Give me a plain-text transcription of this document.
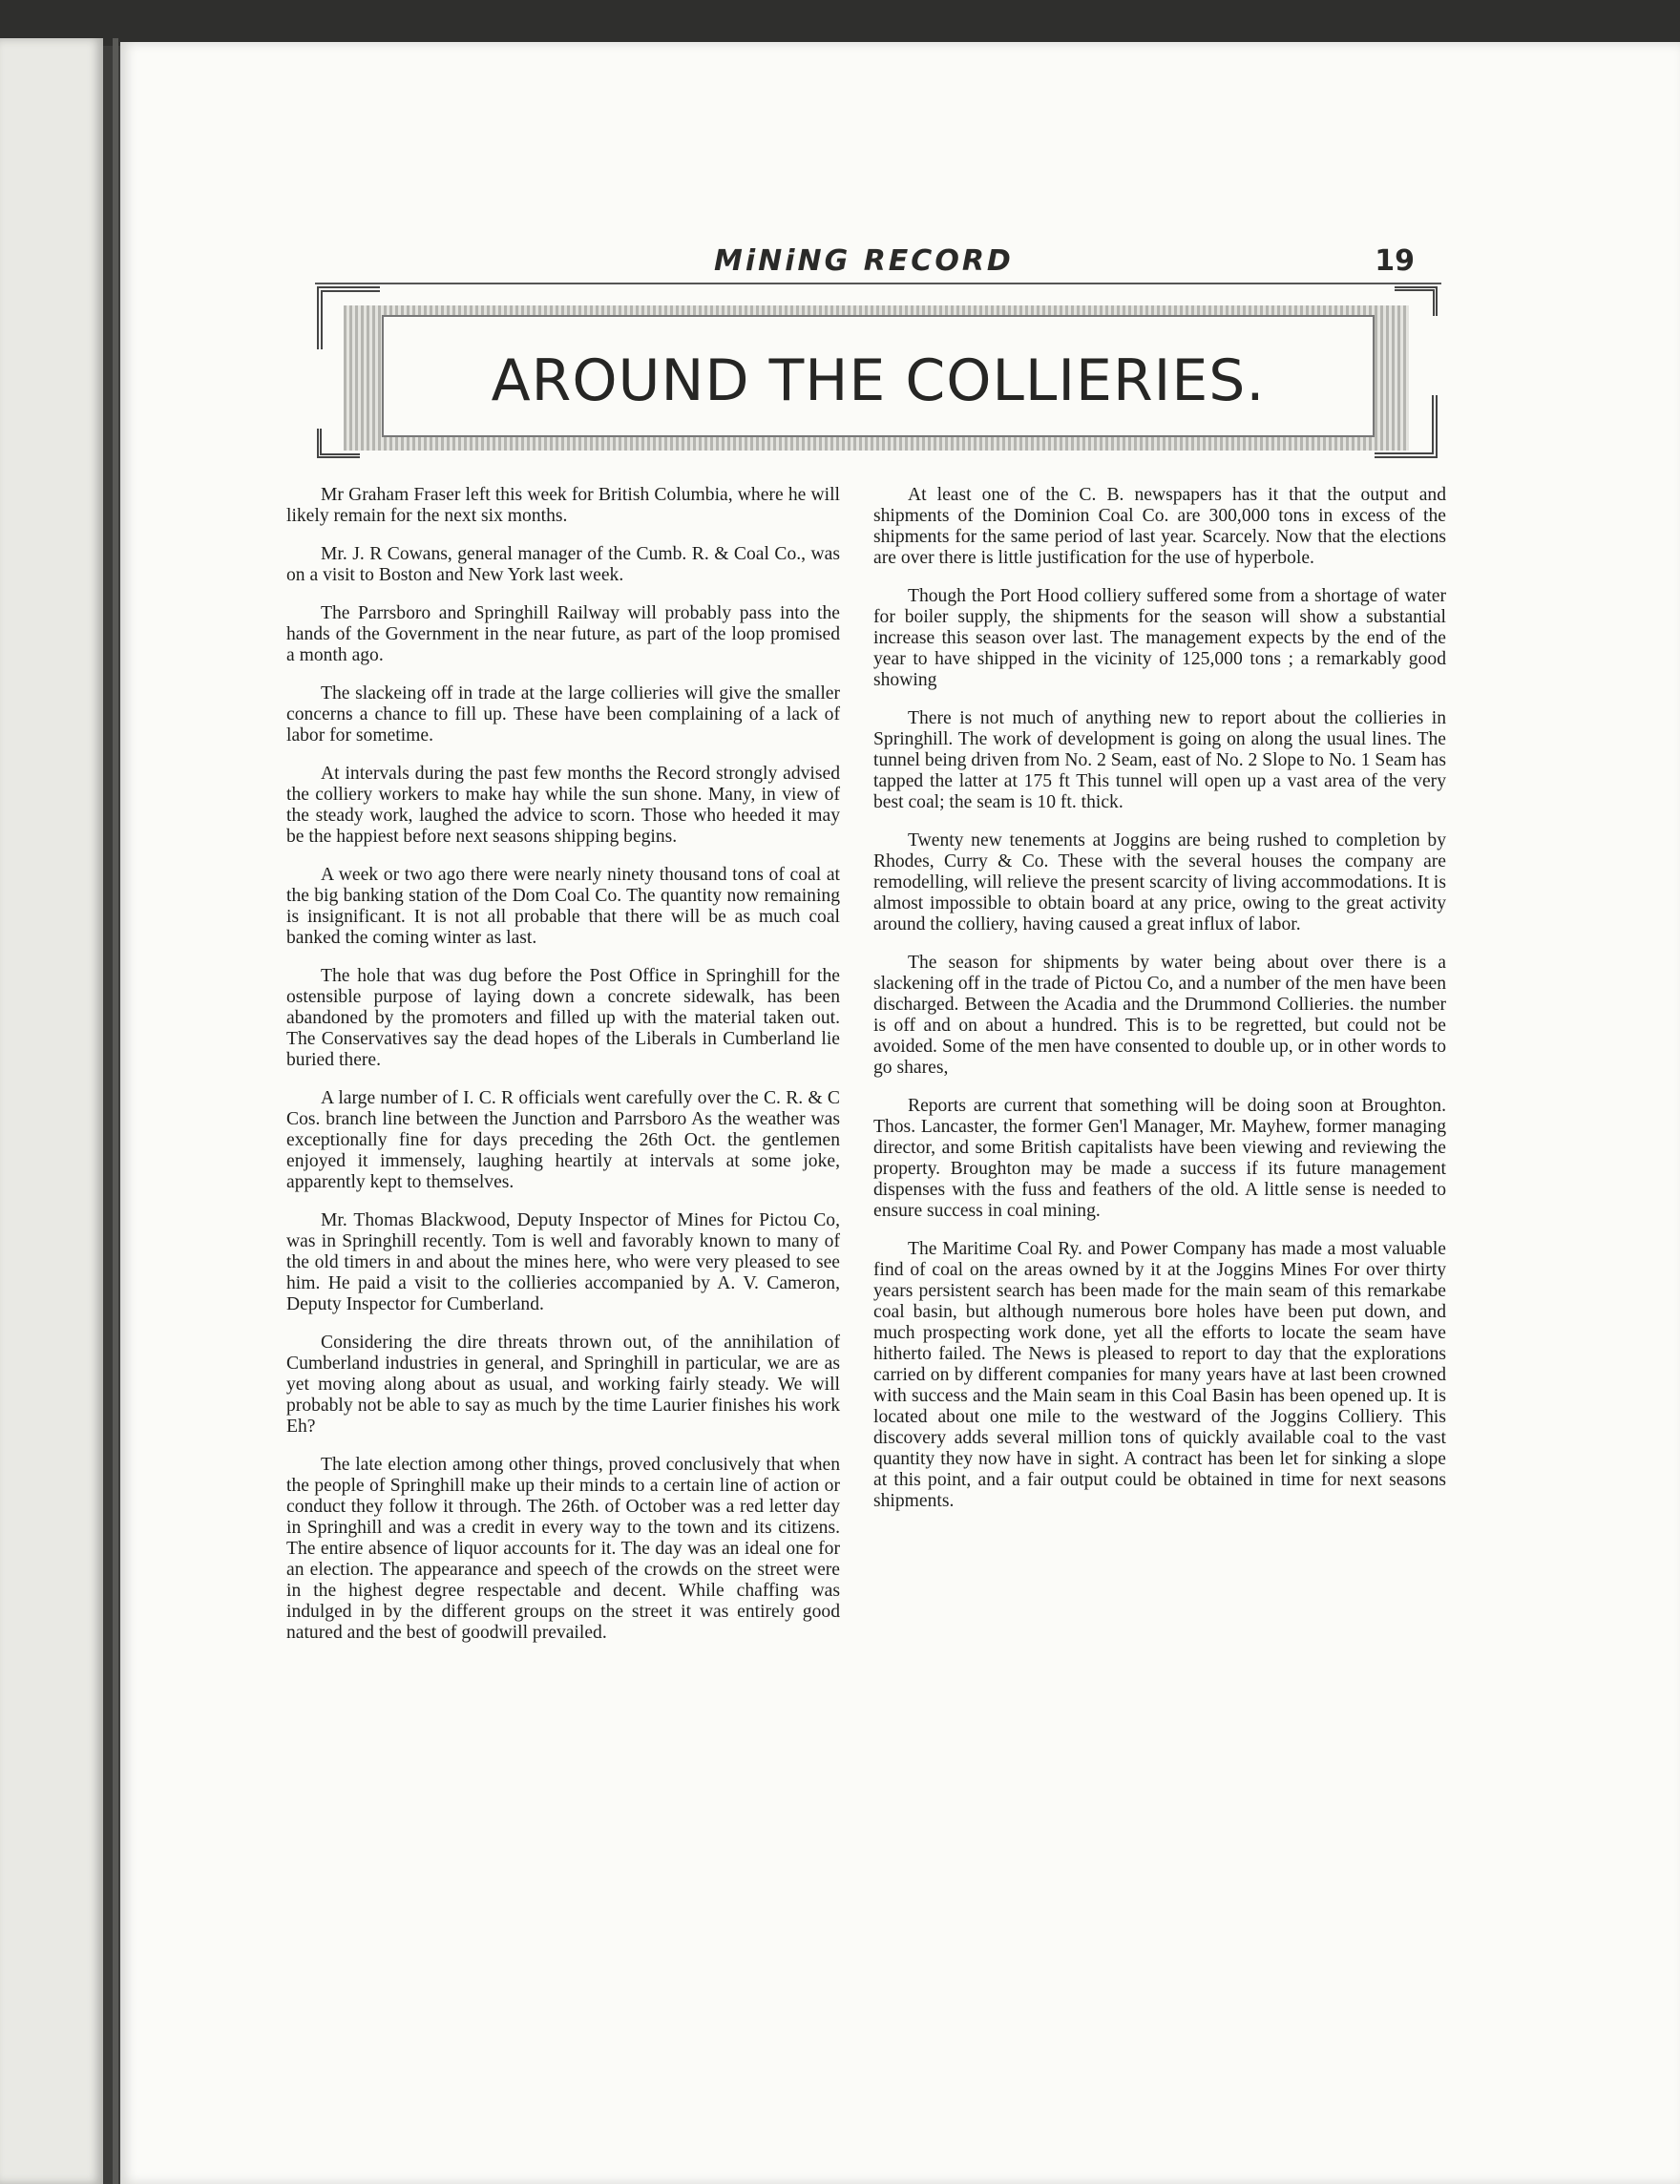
MiNiNG RECORD	19
AROUND THE COLLIERIES.

Mr Graham Fraser left this week for British Columbia, where he will likely remain for the next six months.

Mr. J. R Cowans, general manager of the Cumb. R. & Coal Co., was on a visit to Boston and New York last week.

The Parrsboro and Springhill Railway will probably pass into the hands of the Government in the near future, as part of the loop promised a month ago.

The slackeing off in trade at the large collieries will give the smaller concerns a chance to fill up. These have been complaining of a lack of labor for sometime.

At intervals during the past few months the Record strongly advised the colliery workers to make hay while the sun shone. Many, in view of the steady work, laughed the advice to scorn. Those who heeded it may be the happiest before next seasons shipping begins.

A week or two ago there were nearly ninety thousand tons of coal at the big banking station of the Dom Coal Co. The quantity now remaining is insignificant. It is not all probable that there will be as much coal banked the coming winter as last.

The hole that was dug before the Post Office in Springhill for the ostensible purpose of laying down a concrete sidewalk, has been abandoned by the promoters and filled up with the material taken out. The Conservatives say the dead hopes of the Liberals in Cumberland lie buried there.

A large number of I. C. R officials went carefully over the C. R. & C Cos. branch line between the Junction and Parrsboro As the weather was exceptionally fine for days preceding the 26th Oct. the gentlemen enjoyed it immensely, laughing heartily at intervals at some joke, apparently kept to themselves.

Mr. Thomas Blackwood, Deputy Inspector of Mines for Pictou Co, was in Springhill recently. Tom is well and favorably known to many of the old timers in and about the mines here, who were very pleased to see him. He paid a visit to the collieries accompanied by A. V. Cameron, Deputy Inspector for Cumberland.

Considering the dire threats thrown out, of the annihilation of Cumberland industries in general, and Springhill in particular, we are as yet moving along about as usual, and working fairly steady. We will probably not be able to say as much by the time Laurier finishes his work Eh?

The late election among other things, proved conclusively that when the people of Springhill make up their minds to a certain line of action or conduct they follow it through. The 26th. of October was a red letter day in Springhill and was a credit in every way to the town and its citizens. The entire absence of liquor accounts for it. The day was an ideal one for an election. The appearance and speech of the crowds on the street were in the highest degree respectable and decent. While chaffing was indulged in by the different groups on the street it was entirely good natured and the best of goodwill prevailed.

At least one of the C. B. newspapers has it that the output and shipments of the Dominion Coal Co. are 300,000 tons in excess of the shipments for the same period of last year. Scarcely. Now that the elections are over there is little justification for the use of hyperbole.

Though the Port Hood colliery suffered some from a shortage of water for boiler supply, the shipments for the season will show a substantial increase this season over last. The management expects by the end of the year to have shipped in the vicinity of 125,000 tons ; a remarkably good showing

There is not much of anything new to report about the collieries in Springhill. The work of development is going on along the usual lines. The tunnel being driven from No. 2 Seam, east of No. 2 Slope to No. 1 Seam has tapped the latter at 175 ft This tunnel will open up a vast area of the very best coal; the seam is 10 ft. thick.

Twenty new tenements at Joggins are being rushed to completion by Rhodes, Curry & Co. These with the several houses the company are remodelling, will relieve the present scarcity of living accommodations. It is almost impossible to obtain board at any price, owing to the great activity around the colliery, having caused a great influx of labor.

The season for shipments by water being about over there is a slackening off in the trade of Pictou Co, and a number of the men have been discharged. Between the Acadia and the Drummond Collieries. the number is off and on about a hundred. This is to be regretted, but could not be avoided. Some of the men have consented to double up, or in other words to go shares,

Reports are current that something will be doing soon at Broughton. Thos. Lancaster, the former Gen'l Manager, Mr. Mayhew, former managing director, and some British capitalists have been viewing and reviewing the property. Broughton may be made a success if its future management dispenses with the fuss and feathers of the old. A little sense is needed to ensure success in coal mining.

The Maritime Coal Ry. and Power Company has made a most valuable find of coal on the areas owned by it at the Joggins Mines For over thirty years persistent search has been made for the main seam of this remarkabe coal basin, but although numerous bore holes have been put down, and much prospecting work done, yet all the efforts to locate the seam have hitherto failed. The News is pleased to report to day that the explorations carried on by different companies for many years have at last been crowned with success and the Main seam in this Coal Basin has been opened up. It is located about one mile to the westward of the Joggins Colliery. This discovery adds several million tons of quickly available coal to the vast quantity they now have in sight. A contract has been let for sinking a slope at this point, and a fair output could be obtained in time for next seasons shipments.
